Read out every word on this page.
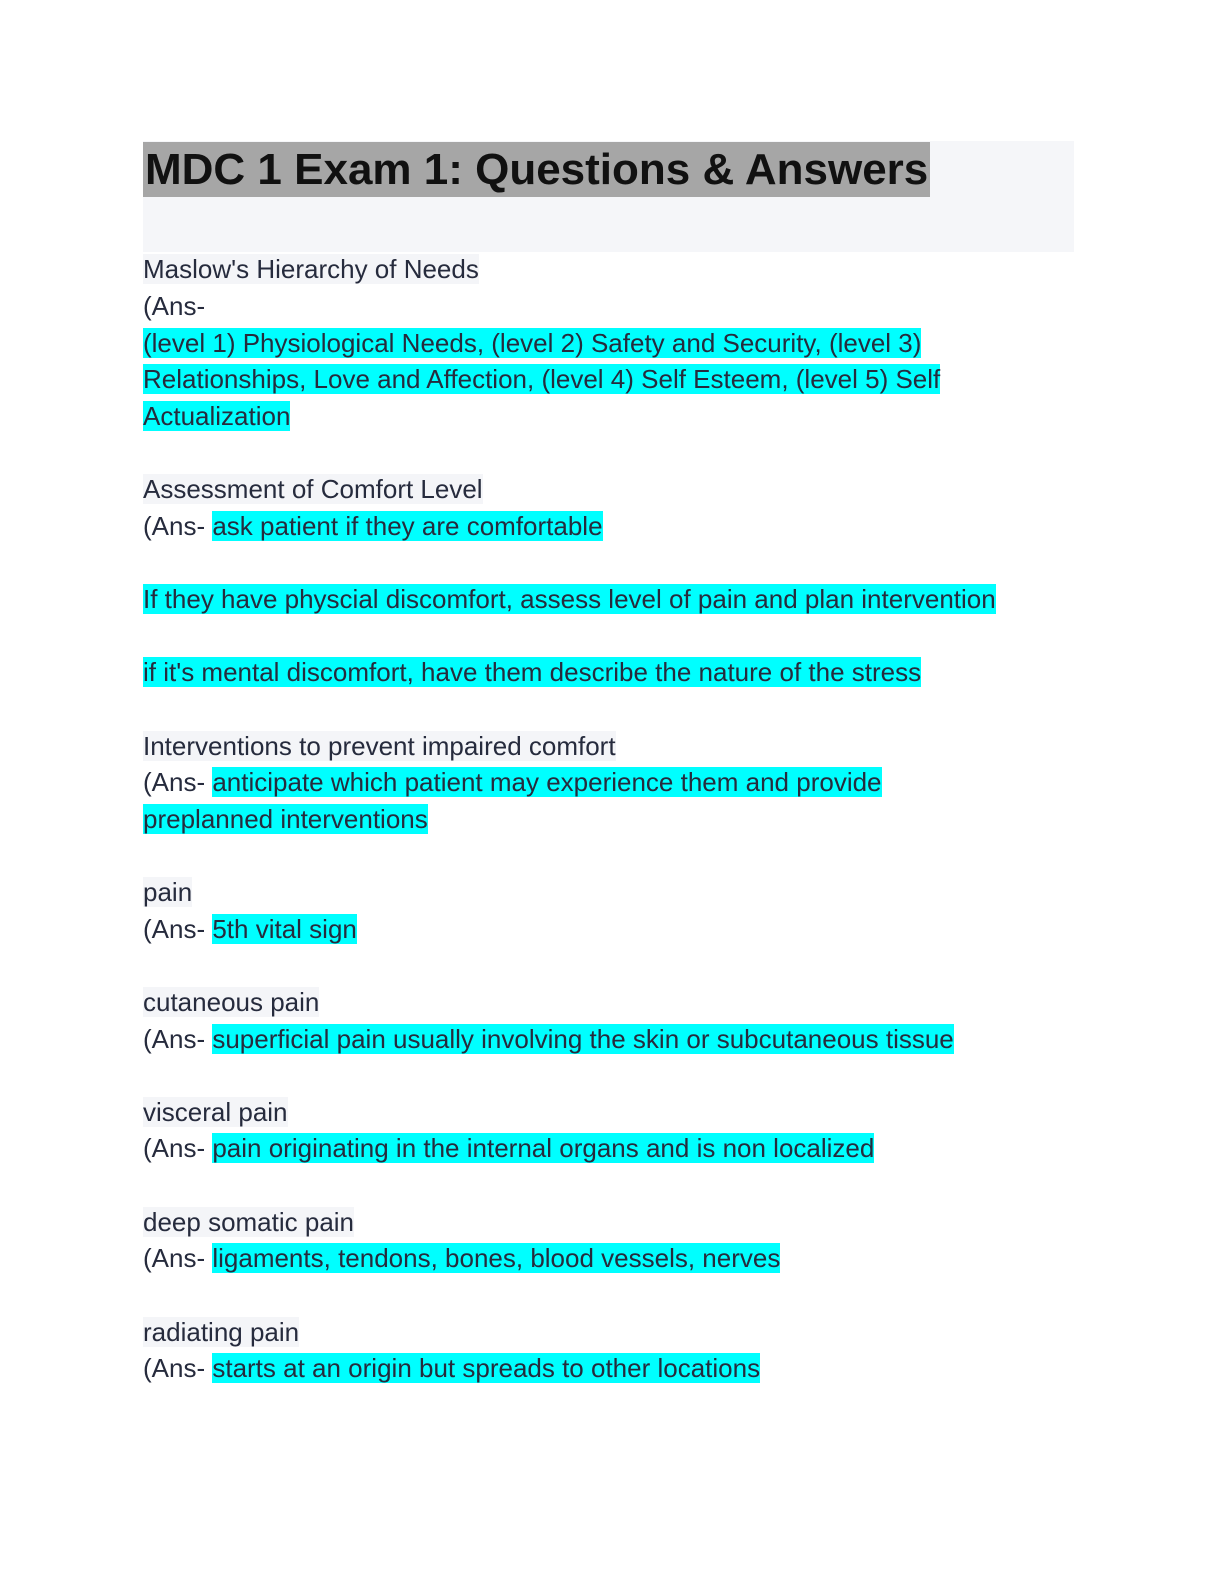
MDC 1 Exam 1: Questions & Answers
Maslow's Hierarchy of Needs
(Ans-
(level 1) Physiological Needs, (level 2) Safety and Security, (level 3)
Relationships, Love and Affection, (level 4) Self Esteem, (level 5) Self
Actualization
Assessment of Comfort Level
(Ans- ask patient if they are comfortable
If they have physcial discomfort, assess level of pain and plan intervention
if it's mental discomfort, have them describe the nature of the stress
Interventions to prevent impaired comfort
(Ans- anticipate which patient may experience them and provide
preplanned interventions
pain
(Ans- 5th vital sign
cutaneous pain
(Ans- superficial pain usually involving the skin or subcutaneous tissue
visceral pain
(Ans- pain originating in the internal organs and is non localized
deep somatic pain
(Ans- ligaments, tendons, bones, blood vessels, nerves
radiating pain
(Ans- starts at an origin but spreads to other locations
